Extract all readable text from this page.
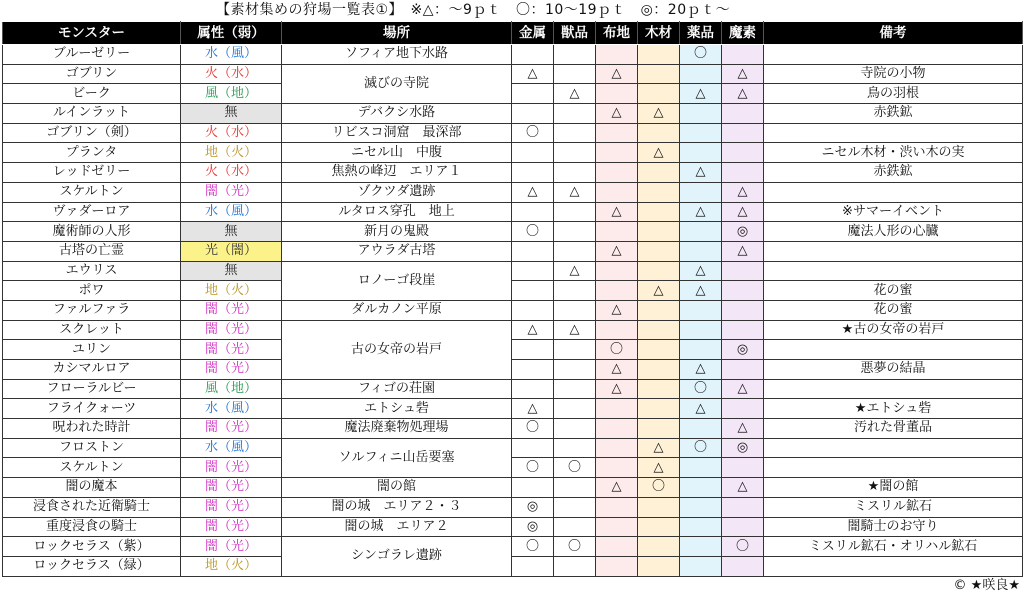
【素材集めの狩場一覧表①】　※△：～9ｐｔ　〇：10～19ｐｔ　◎：20ｐｔ～
モンスター	属性（弱）	場所	金属	獣品	布地	木材	薬品	魔素	備考
ブルーゼリー	水（風）	ソフィア地下水路					〇		
ゴブリン	火（水）	滅びの寺院	△		△			△	寺院の小物
ビーク	風（地）			△			△	△	鳥の羽根
ルインラット	無	デバクシ水路			△	△			赤鉄鉱
ゴブリン（剣）	火（水）	リビスコ洞窟　最深部	〇						
プランタ	地（火）	ニセル山　中腹				△			ニセル木材・渋い木の実
レッドゼリー	火（水）	焦熱の峰辺　エリア１					△		赤鉄鉱
スケルトン	闇（光）	ゾクツダ遺跡	△	△				△	
ヴァダーロア	水（風）	ルタロス穿孔　地上			△		△	△	※サマーイベント
魔術師の人形	無	新月の鬼殿	〇					◎	魔法人形の心臓
古塔の亡霊	光（闇）	アウラダ古塔			△			△	
エウリス	無	ロノーゴ段崖		△			△		
ポワ	地（火）					△	△		花の蜜
ファルファラ	闇（光）	ダルカノン平原			△				花の蜜
スクレット	闇（光）	古の女帝の岩戸	△	△					★古の女帝の岩戸
ユリン	闇（光）				〇			◎	
カシマルロア	闇（光）				△		△		悪夢の結晶
フローラルビー	風（地）	フィゴの荘園			△		〇	△	
フライクォーツ	水（風）	エトシュ砦	△				△		★エトシュ砦
呪われた時計	闇（光）	魔法廃棄物処理場	〇					△	汚れた骨董品
フロストン	水（風）	ソルフィニ山岳要塞				△	〇	◎	
スケルトン	闇（光）		〇	〇		△			
闇の魔本	闇（光）	闇の館			△	〇		△	★闇の館
浸食された近衛騎士	闇（光）	闇の城　エリア２・３	◎						ミスリル鉱石
重度浸食の騎士	闇（光）	闇の城　エリア２	◎						闇騎士のお守り
ロックセラス（紫）	闇（光）	シンゴラレ遺跡	〇	〇				〇	ミスリル鉱石・オリハル鉱石
ロックセラス（緑）	地（火）								
© ★咲良★
